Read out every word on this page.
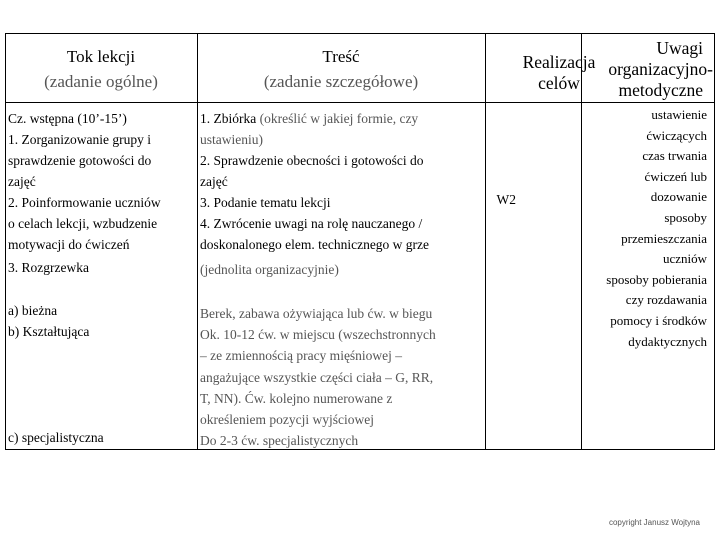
Tok lekcji
(zadanie ogólne)
Treść
(zadanie szczegółowe)
Realizacja
celów
Uwagi
organizacyjno-
metodyczne
Cz. wstępna (10’-15’)
1. Zorganizowanie grupy i
sprawdzenie gotowości do
zajęć
2. Poinformowanie uczniów
o celach lekcji, wzbudzenie
motywacji do ćwiczeń
3. Rozgrzewka
a) bieżna
b) Kształtująca
c) specjalistyczna
1. Zbiórka (określić w jakiej formie, czy
ustawieniu)
2. Sprawdzenie obecności i gotowości do
zajęć
3. Podanie tematu lekcji
4. Zwrócenie uwagi na rolę nauczanego /
doskonalonego elem. technicznego w grze
(jednolita organizacyjnie)
Berek, zabawa ożywiająca lub ćw. w biegu
Ok. 10-12 ćw. w miejscu (wszechstronnych
– ze zmiennością pracy mięśniowej –
angażujące wszystkie części ciała – G, RR,
T, NN). Ćw. kolejno numerowane z
określeniem pozycji wyjściowej
Do 2-3 ćw. specjalistycznych
W2
ustawienie
ćwiczących
czas trwania
ćwiczeń lub
dozowanie
sposoby
przemieszczania
uczniów
sposoby pobierania
czy rozdawania
pomocy i środków
dydaktycznych
copyright Janusz Wojtyna
